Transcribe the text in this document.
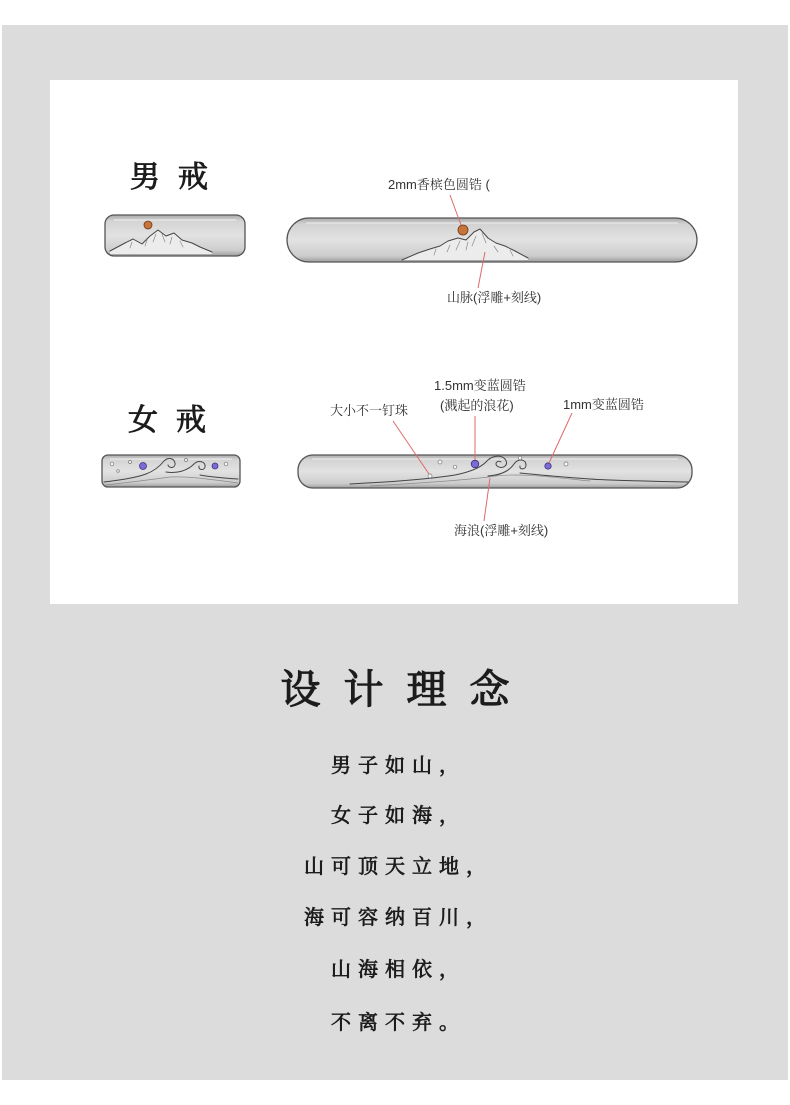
男戒	2mm香槟色圆锆 (
山脉(浮雕+刻线)
女戒
1.5mm变蓝圆锆
(溅起的浪花)
大小不一钉珠	1mm变蓝圆锆
海浪(浮雕+刻线)
设计理念
男子如山，
女子如海，
山可顶天立地，
海可容纳百川，
山海相依，
不离不弃。
